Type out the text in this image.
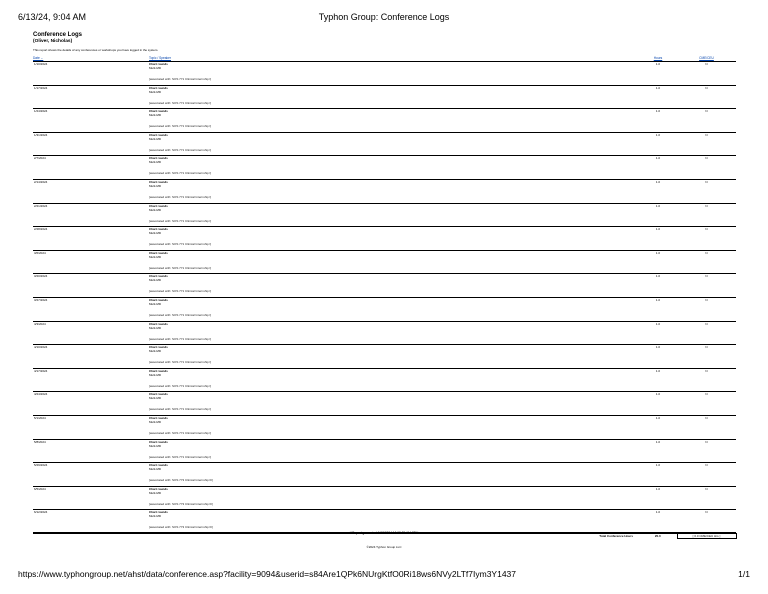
6/13/24, 9:04 AM	Typhon Group: Conference Logs
Conference Logs
(Oliver, Nicholas)
This report shows the details of any conferences or workshops you have logged in the system.
Date ⌄	Topic / Speaker	Hours	CME/CEU
1/10/2024	Chart rounds
Multi-MD
[associated with: SOS 771 Clinical Internship I]	1.0	N
1/17/2024	Chart rounds
Multi-MD
[associated with: SOS 771 Clinical Internship I]	1.0	N
1/24/2024	Chart rounds
Multi-MD
[associated with: SOS 771 Clinical Internship I]	1.0	N
1/31/2024	Chart rounds
Multi-MD
[associated with: SOS 771 Clinical Internship I]	1.0	N
2/7/2024	Chart rounds
Multi-MD
[associated with: SOS 771 Clinical Internship I]	1.0	N
2/14/2024	Chart rounds
Multi-MD
[associated with: SOS 771 Clinical Internship I]	1.0	N
2/21/2024	Chart rounds
Multi-MD
[associated with: SOS 771 Clinical Internship I]	1.0	N
2/28/2024	Chart rounds
Multi-MD
[associated with: SOS 771 Clinical Internship I]	1.0	N
3/6/2024	Chart rounds
Multi-MD
[associated with: SOS 771 Clinical Internship I]	1.0	N
3/20/2024	Chart rounds
Multi-MD
[associated with: SOS 771 Clinical Internship I]	1.0	N
3/27/2024	Chart rounds
Multi-MD
[associated with: SOS 771 Clinical Internship I]	1.0	N
4/3/2024	Chart rounds
Multi-MD
[associated with: SOS 771 Clinical Internship I]	1.0	N
4/10/2024	Chart rounds
Multi-MD
[associated with: SOS 771 Clinical Internship I]	1.0	N
4/17/2024	Chart rounds
Multi-MD
[associated with: SOS 771 Clinical Internship I]	1.0	N
4/24/2024	Chart rounds
Multi-MD
[associated with: SOS 771 Clinical Internship I]	1.0	N
5/1/2024	Chart rounds
Multi-MD
[associated with: SOS 771 Clinical Internship I]	1.0	N
5/8/2024	Chart rounds
Multi-MD
[associated with: SOS 771 Clinical Internship I]	1.0	N
5/29/2024	Chart rounds
Multi-MD
[associated with: SOS 773 Clinical Internship III]	1.0	N
6/5/2024	Chart rounds
Multi-MD
[associated with: SOS 773 Clinical Internship III]	1.0	N
6/12/2024	Chart rounds
Multi-MD
[associated with: SOS 773 Clinical Internship III]	1.0	N
	Total Conference Hours	20.0	[ 0.0 CME/CEU Hrs ]
**Report generated 6/13/2024 10:03:55 AM CT**
©2024 Typhon Group LLC
https://www.typhongroup.net/ahst/data/conference.asp?facility=9094&userid=s84Are1QPk6NUrgKtfO0Ri18ws6NVy2LTf7Iym3Y1437	1/1
